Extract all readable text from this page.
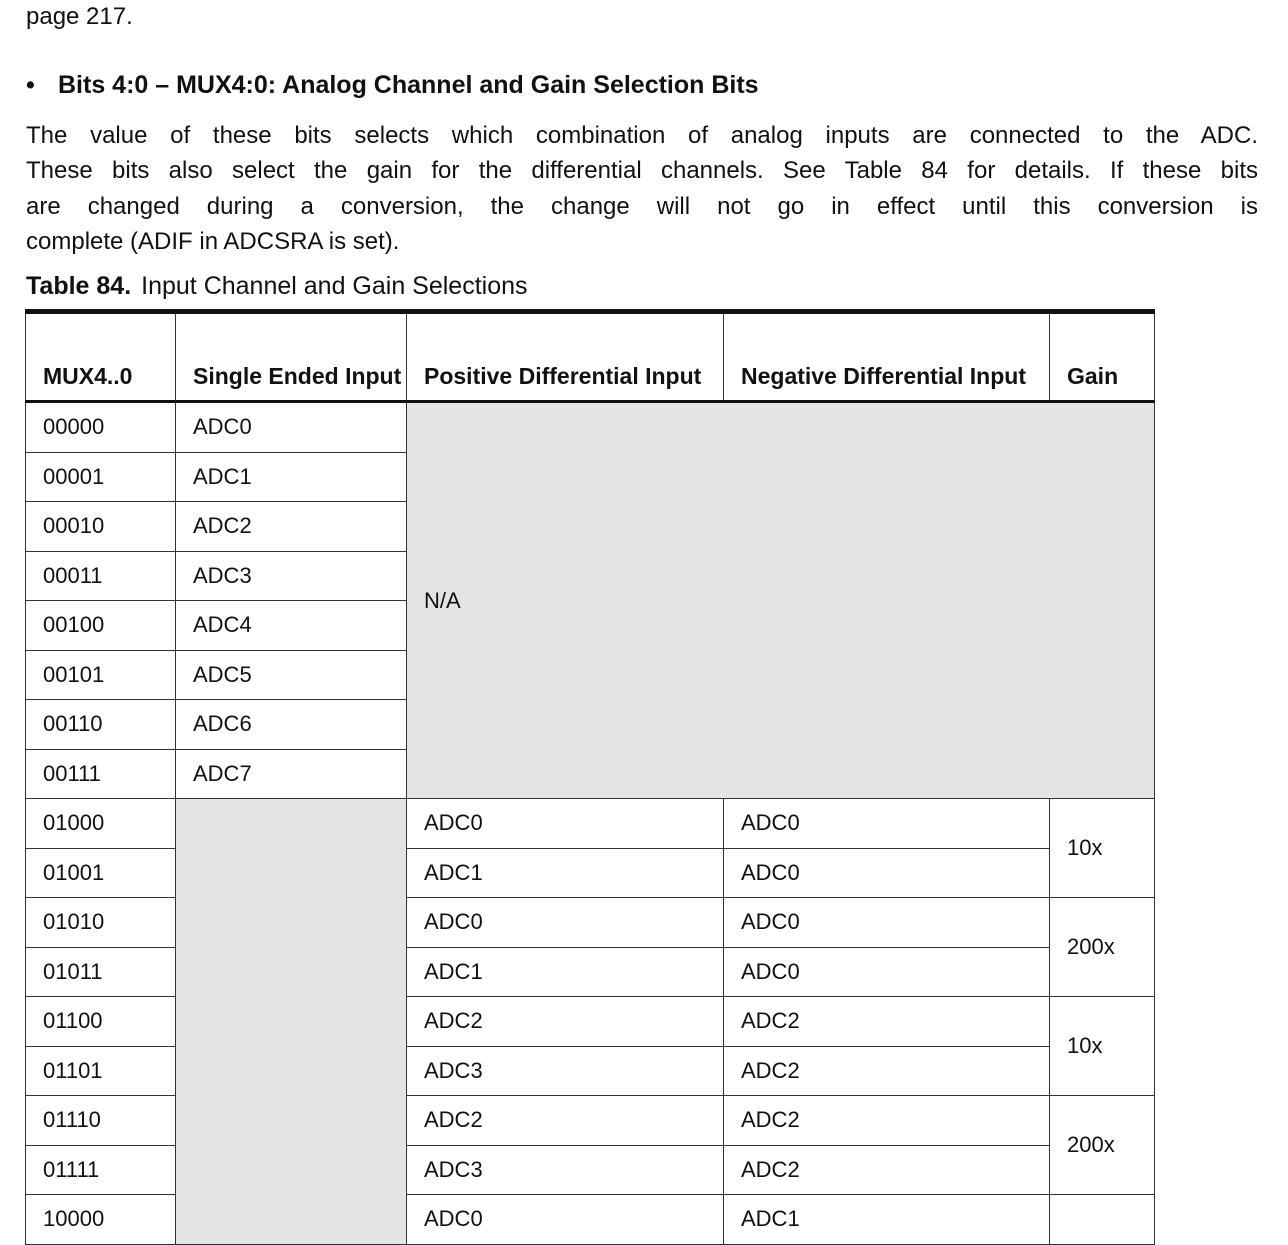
page 217.
• Bits 4:0 – MUX4:0: Analog Channel and Gain Selection Bits
The value of these bits selects which combination of analog inputs are connected to the ADC.
These bits also select the gain for the differential channels. See Table 84 for details. If these bits
are changed during a conversion, the change will not go in effect until this conversion is
complete (ADIF in ADCSRA is set).
Table 84. Input Channel and Gain Selections
MUX4..0	Single Ended Input	Positive Differential Input	Negative Differential Input	Gain
00000	ADC0	N/A		
00001	ADC1			
00010	ADC2			
00011	ADC3			
00100	ADC4			
00101	ADC5			
00110	ADC6			
00111	ADC7			
01000		ADC0	ADC0	10x
01001		ADC1	ADC0	
01010		ADC0	ADC0	200x
01011		ADC1	ADC0	
01100		ADC2	ADC2	10x
01101		ADC3	ADC2	
01110		ADC2	ADC2	200x
01111		ADC3	ADC2	
10000		ADC0	ADC1	
